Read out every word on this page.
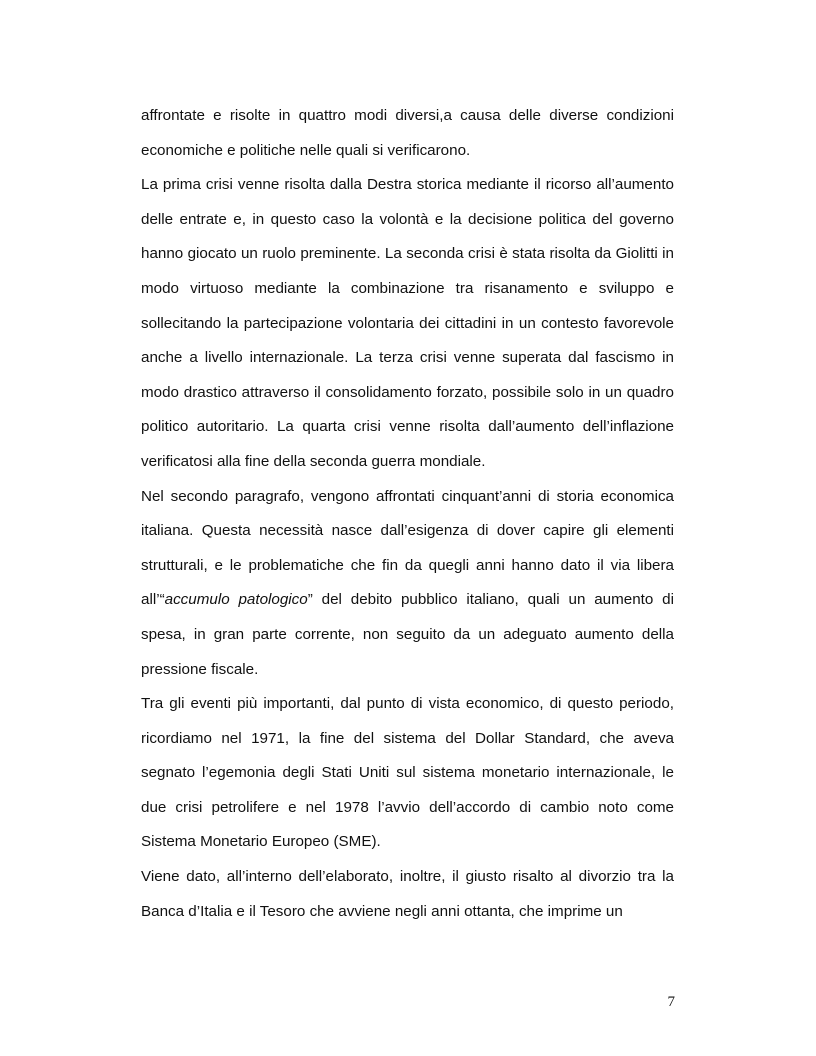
affrontate e risolte in quattro modi diversi,a causa delle diverse condizioni economiche e politiche nelle quali si verificarono.

La prima crisi venne risolta dalla Destra storica mediante il ricorso all’aumento delle entrate e, in questo caso la volontà e la decisione politica del governo hanno giocato un ruolo preminente. La seconda crisi è stata risolta da Giolitti in modo virtuoso mediante la combinazione tra risanamento e sviluppo e sollecitando la partecipazione volontaria dei cittadini in un contesto favorevole anche a livello internazionale. La terza crisi venne superata dal fascismo in modo drastico attraverso il consolidamento forzato, possibile solo in un quadro politico autoritario. La quarta crisi venne risolta dall’aumento dell’inflazione verificatosi alla fine della seconda guerra mondiale.

Nel secondo paragrafo, vengono affrontati cinquant’anni di storia economica italiana. Questa necessità nasce dall’esigenza di dover capire gli elementi strutturali, e le problematiche che fin da quegli anni hanno dato il via libera all’“accumulo patologico” del debito pubblico italiano, quali un aumento di spesa, in gran parte corrente, non seguito da un adeguato aumento della pressione fiscale.

Tra gli eventi più importanti, dal punto di vista economico, di questo periodo, ricordiamo nel 1971, la fine del sistema del Dollar Standard, che aveva segnato l’egemonia degli Stati Uniti sul sistema monetario internazionale, le due crisi petrolifere e nel 1978 l’avvio dell’accordo di cambio noto come Sistema Monetario Europeo (SME).

Viene dato, all’interno dell’elaborato, inoltre, il giusto risalto al divorzio tra la Banca d’Italia e il Tesoro che avviene negli anni ottanta, che imprime un

7
